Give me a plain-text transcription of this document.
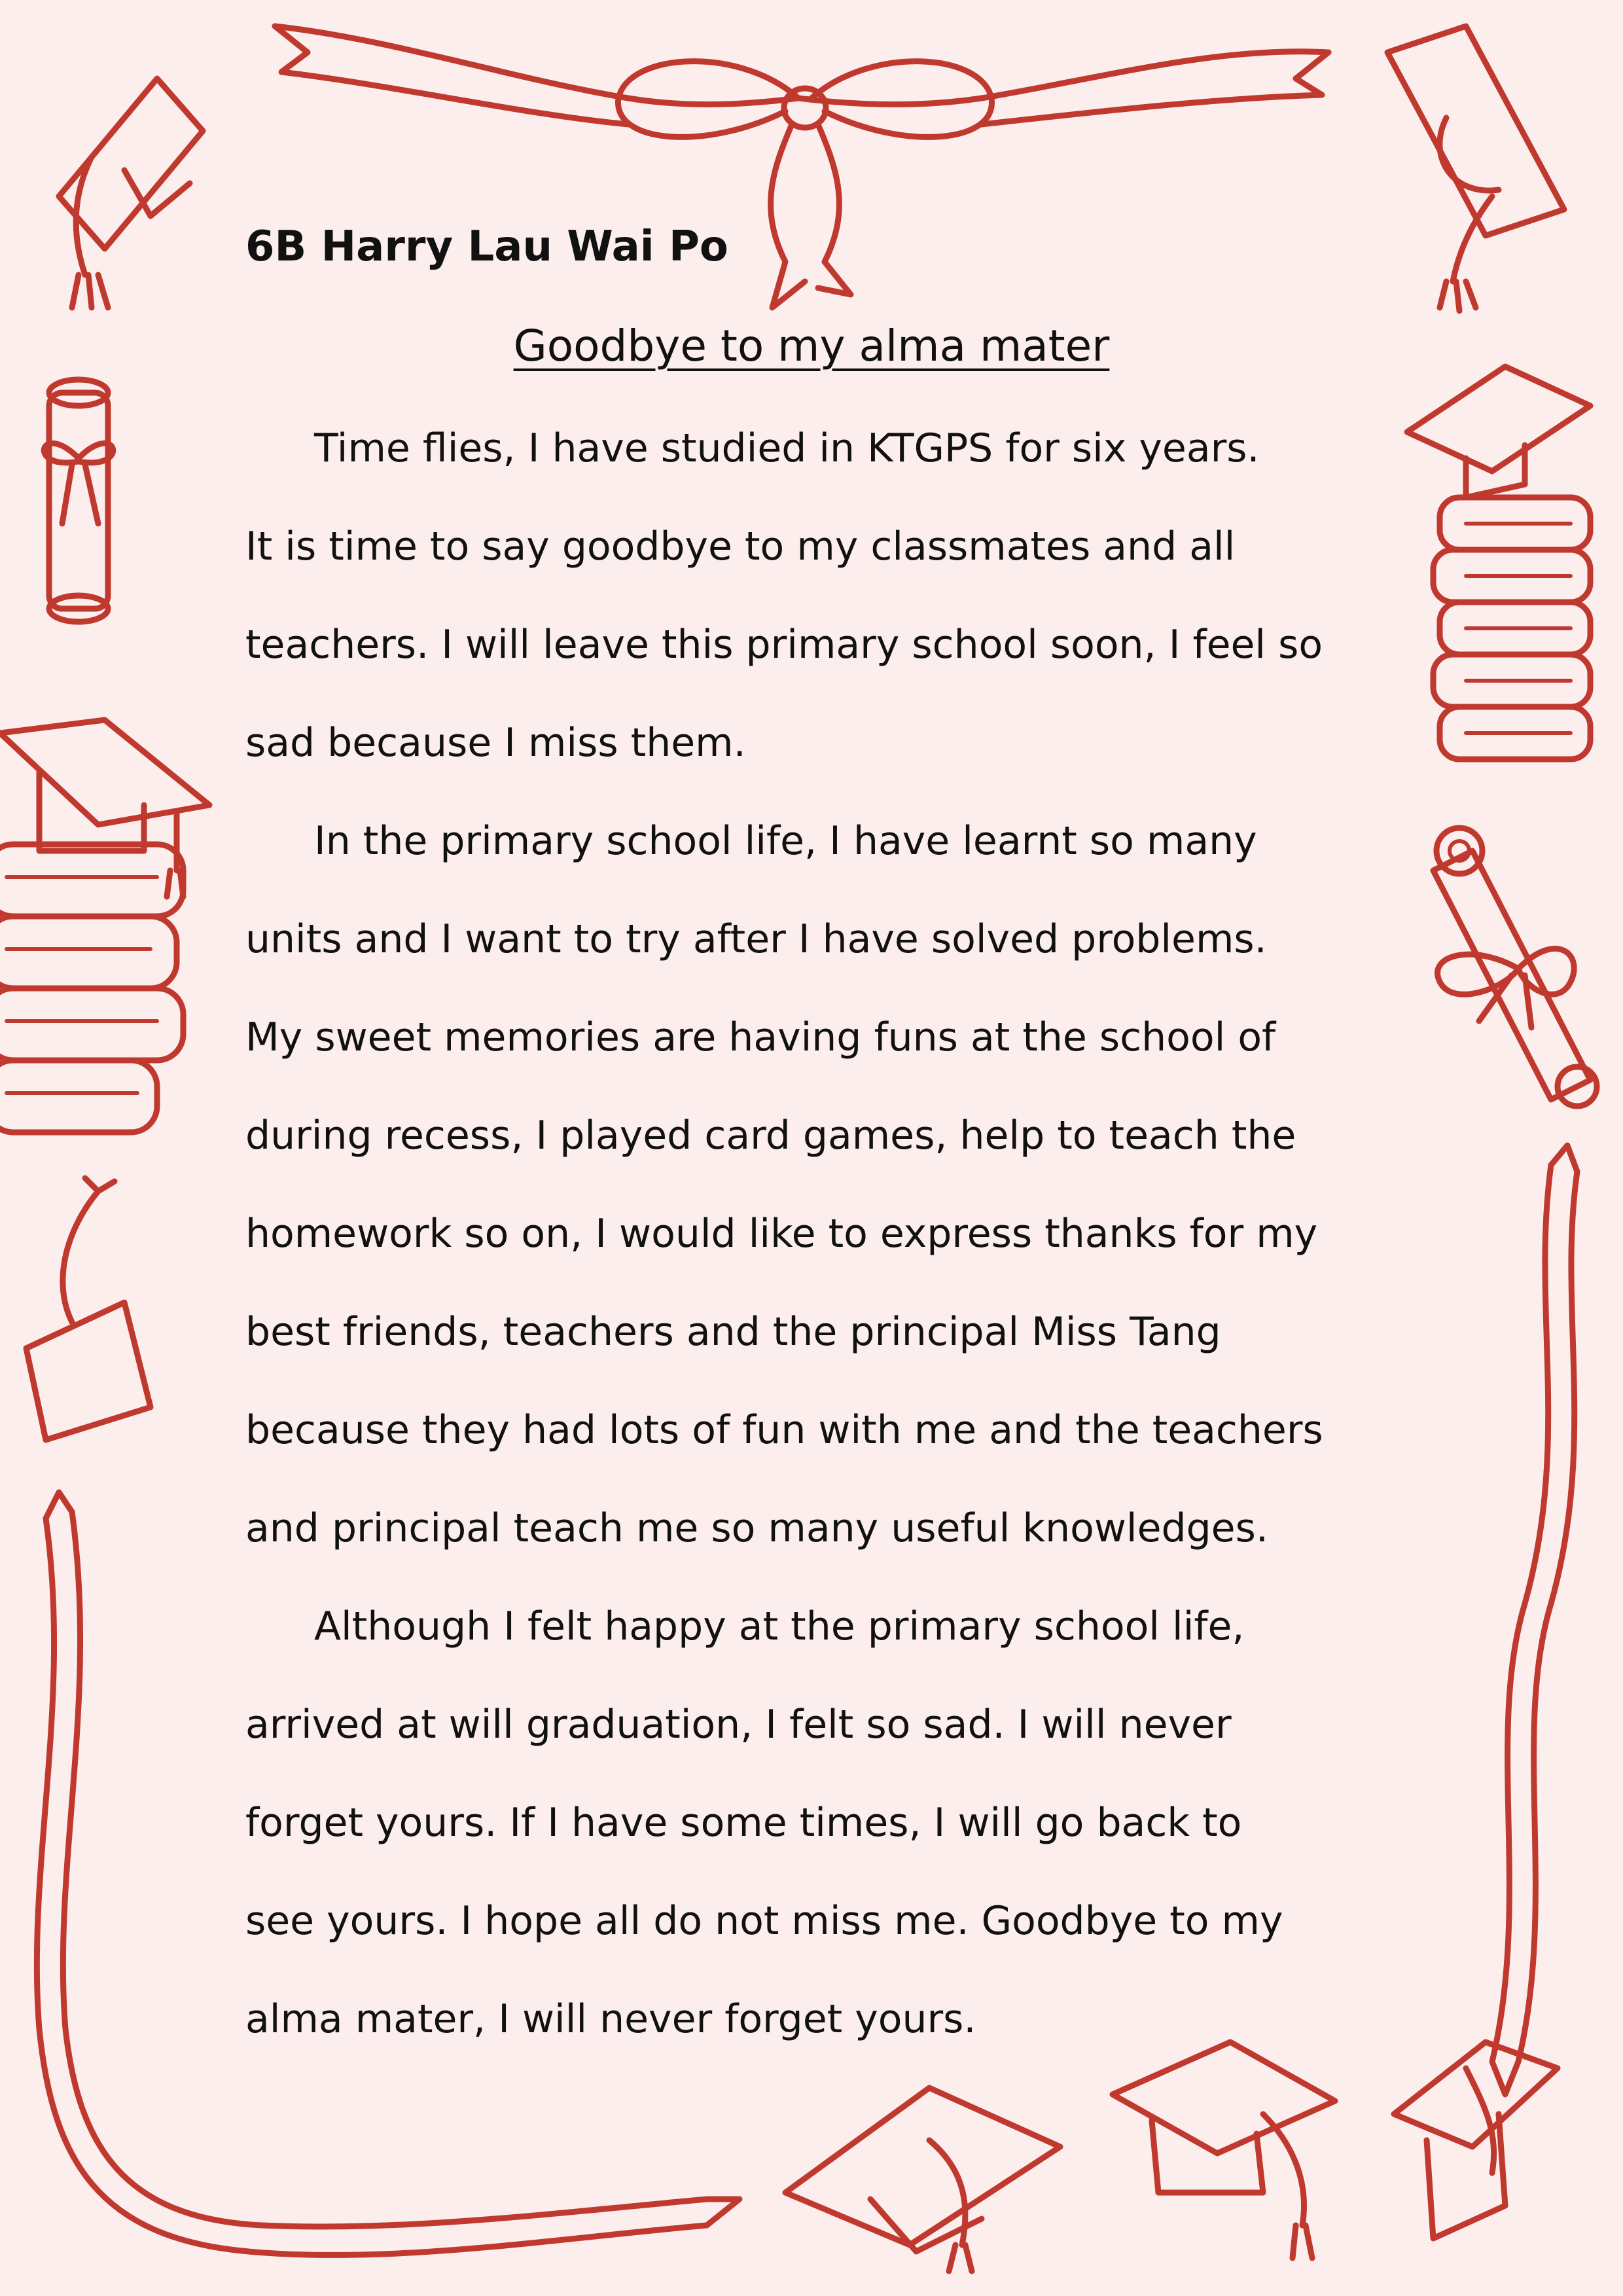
6B Harry Lau Wai Po
Goodbye to my alma mater
Time flies, I have studied in KTGPS for six years.
It is time to say goodbye to my classmates and all
teachers. I will leave this primary school soon, I feel so
sad because I miss them.
In the primary school life, I have learnt so many
units and I want to try after I have solved problems.
My sweet memories are having funs at the school of
during recess, I played card games, help to teach the
homework so on, I would like to express thanks for my
best friends, teachers and the principal Miss Tang
because they had lots of fun with me and the teachers
and principal teach me so many useful knowledges.
Although I felt happy at the primary school life,
arrived at will graduation, I felt so sad. I will never
forget yours. If I have some times, I will go back to
see yours. I hope all do not miss me. Goodbye to my
alma mater, I will never forget yours.
